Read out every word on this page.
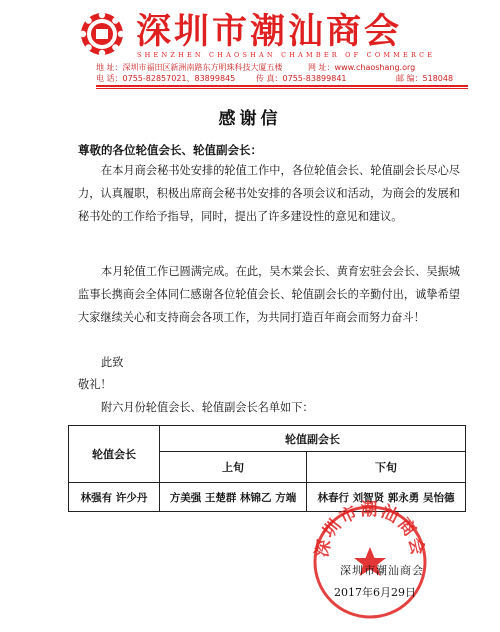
深圳市潮汕商会
SHENZHEN CHAOSHAN CHAMBER OF COMMERCE
地 址：深圳市福田区新洲南路东方明珠科技大厦五楼	网 址：www.chaoshang.org
电 话：0755-82857021、83899845	传 真：0755-83899841	邮 编：518048
感谢信
尊敬的各位轮值会长、轮值副会长：
在本月商会秘书处安排的轮值工作中，各位轮值会长、轮值副会长尽心尽力，认真履职，积极出席商会秘书处安排的各项会议和活动，为商会的发展和秘书处的工作给予指导，同时，提出了许多建设性的意见和建议。
本月轮值工作已圆满完成。在此，吴木棠会长、黄育宏驻会会长、吴振城监事长携商会全体同仁感谢各位轮值会长、轮值副会长的辛勤付出，诚挚希望大家继续关心和支持商会各项工作，为共同打造百年商会而努力奋斗！
此致
敬礼！
附六月份轮值会长、轮值副会长名单如下：
轮值会长	轮值副会长	
	上旬	下旬
林强有 许少丹	方美强 王楚群 林锦乙 方端	林春行 刘智贤 郭永勇 吴怡德
深圳市潮汕商会
深圳市潮汕商会
2017年6月29日
